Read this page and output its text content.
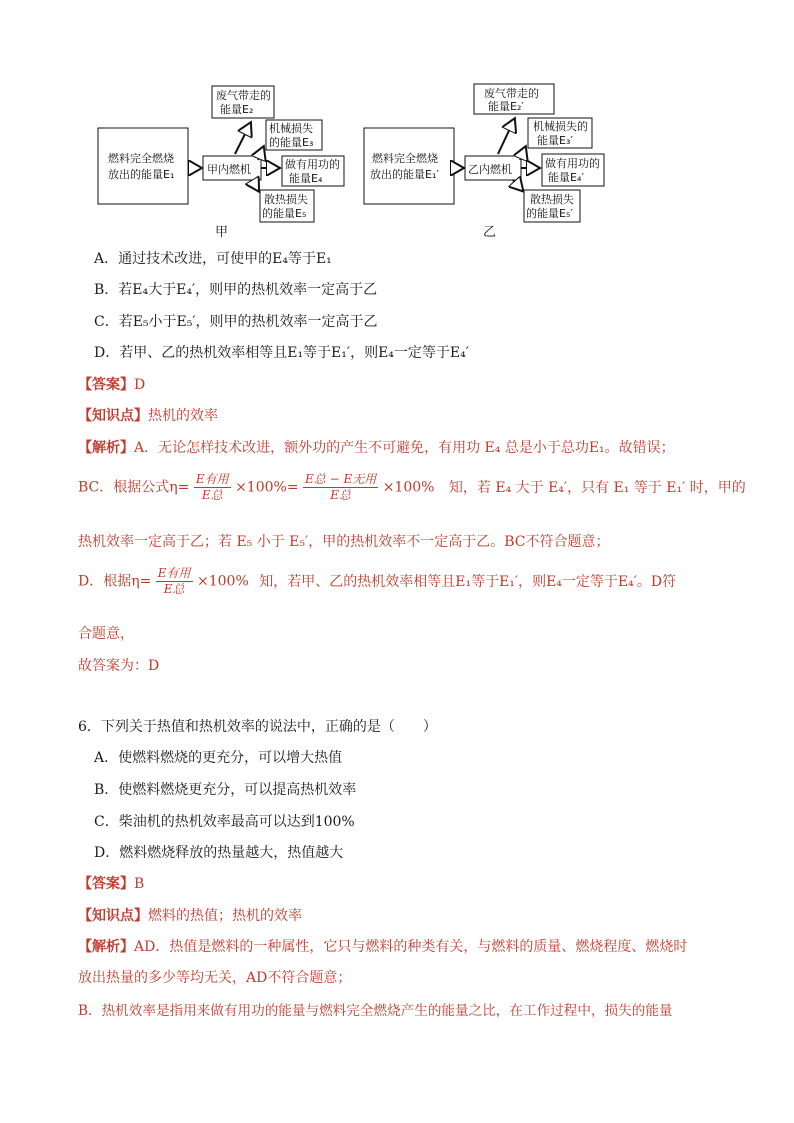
燃料完全燃烧
放出的能量E₁	甲内燃机
废气带走的
能量E₂
机械损失
的能量E₃
做有用功的
能量E₄
散热损失
的能量E₅
甲
燃料完全燃烧
放出的能量E₁′	乙内燃机
废气带走的
能量E₂′
机械损失的
能量E₃′
做有用功的
能量E₄′
散热损失
的能量E₅′
乙
A．通过技术改进，可使甲的E₄等于E₁
B．若E₄大于E₄′，则甲的热机效率一定高于乙
C．若E₅小于E₅′，则甲的热机效率一定高于乙
D．若甲、乙的热机效率相等且E₁等于E₁′，则E₄一定等于E₄′
【答案】D
【知识点】热机的效率
【解析】A．无论怎样技术改进，额外功的产生不可避免，有用功 E₄ 总是小于总功E₁。故错误；
BC．根据公式$\eta= \frac{\text{E有用}}{\text{E总}} \times 100\%= \frac{\text{E总 − E无用}}{\text{E总}} \times 100\%$ 知，若 E₄ 大于 E₄′，只有 E₁ 等于 E₁′ 时，甲的
热机效率一定高于乙；若 E₅ 小于 E₅′，甲的热机效率不一定高于乙。BC不符合题意；
D．根据$\eta= \frac{\text{E有用}}{\text{E总}} \times 100\%$ 知，若甲、乙的热机效率相等且E₁等于E₁′，则E₄一定等于E₄′。D符
合题意，
故答案为：D
6．下列关于热值和热机效率的说法中，正确的是（　　）
A．使燃料燃烧的更充分，可以增大热值
B．使燃料燃烧更充分，可以提高热机效率
C．柴油机的热机效率最高可以达到100%
D．燃料燃烧释放的热量越大，热值越大
【答案】B
【知识点】燃料的热值；热机的效率
【解析】AD．热值是燃料的一种属性，它只与燃料的种类有关，与燃料的质量、燃烧程度、燃烧时
放出热量的多少等均无关，AD不符合题意；
B．热机效率是指用来做有用功的能量与燃料完全燃烧产生的能量之比，在工作过程中，损失的能量
